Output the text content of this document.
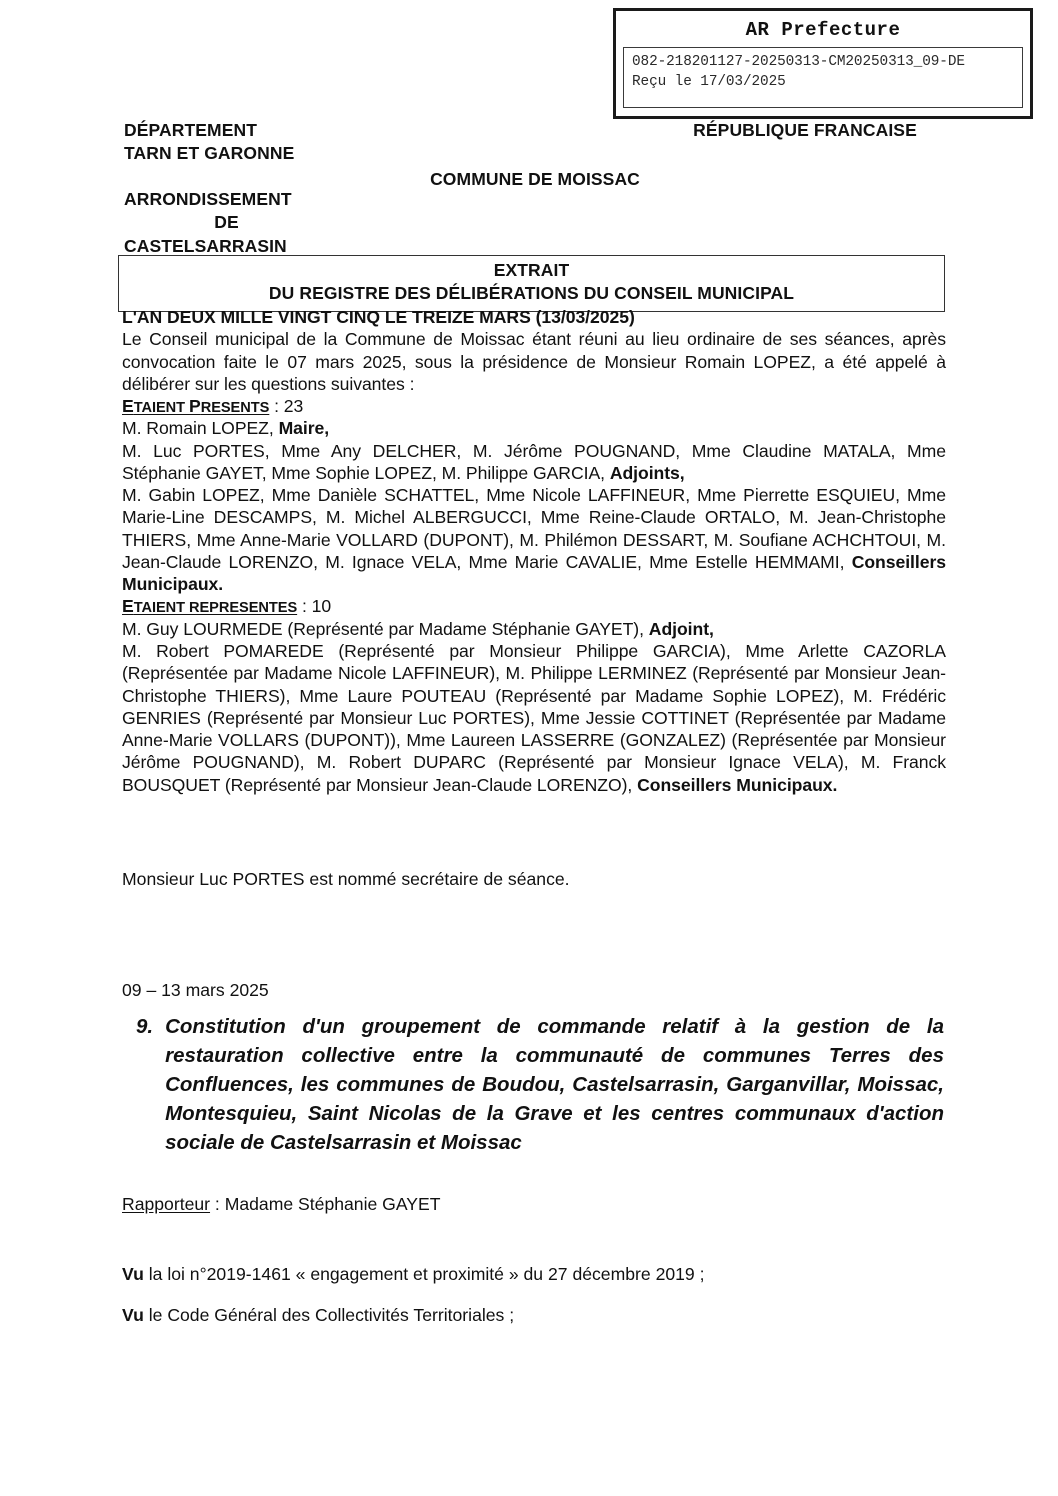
AR Prefecture
082-218201127-20250313-CM20250313_09-DE
Reçu le 17/03/2025
DÉPARTEMENT
TARN ET GARONNE
ARRONDISSEMENT
DE
CASTELSARRASIN
RÉPUBLIQUE FRANCAISE
COMMUNE DE MOISSAC
EXTRAIT
DU REGISTRE DES DÉLIBÉRATIONS DU CONSEIL MUNICIPAL
L'AN DEUX MILLE VINGT CINQ LE TREIZE MARS (13/03/2025)
Le Conseil municipal de la Commune de Moissac étant réuni au lieu ordinaire de ses séances, après convocation faite le 07 mars 2025, sous la présidence de Monsieur Romain LOPEZ, a été appelé à délibérer sur les questions suivantes :
ETAIENT PRESENTS : 23
M. Romain LOPEZ, Maire,
M. Luc PORTES, Mme Any DELCHER, M. Jérôme POUGNAND, Mme Claudine MATALA, Mme Stéphanie GAYET, Mme Sophie LOPEZ, M. Philippe GARCIA, Adjoints,
M. Gabin LOPEZ, Mme Danièle SCHATTEL, Mme Nicole LAFFINEUR, Mme Pierrette ESQUIEU, Mme Marie-Line DESCAMPS, M. Michel ALBERGUCCI, Mme Reine-Claude ORTALO, M. Jean-Christophe THIERS, Mme Anne-Marie VOLLARD (DUPONT), M. Philémon DESSART, M. Soufiane ACHCHTOUI, M. Jean-Claude LORENZO, M. Ignace VELA, Mme Marie CAVALIE, Mme Estelle HEMMAMI, Conseillers Municipaux.
ETAIENT REPRESENTES : 10
M. Guy LOURMEDE (Représenté par Madame Stéphanie GAYET), Adjoint,
M. Robert POMAREDE (Représenté par Monsieur Philippe GARCIA), Mme Arlette CAZORLA (Représentée par Madame Nicole LAFFINEUR), M. Philippe LERMINEZ (Représenté par Monsieur Jean-Christophe THIERS), Mme Laure POUTEAU (Représenté par Madame Sophie LOPEZ), M. Frédéric GENRIES (Représenté par Monsieur Luc PORTES), Mme Jessie COTTINET (Représentée par Madame Anne-Marie VOLLARS (DUPONT)), Mme Laureen LASSERRE (GONZALEZ) (Représentée par Monsieur Jérôme POUGNAND), M. Robert DUPARC (Représenté par Monsieur Ignace VELA), M. Franck BOUSQUET (Représenté par Monsieur Jean-Claude LORENZO), Conseillers Municipaux.
Monsieur Luc PORTES est nommé secrétaire de séance.
09 – 13 mars 2025
9. Constitution d'un groupement de commande relatif à la gestion de la restauration collective entre la communauté de communes Terres des Confluences, les communes de Boudou, Castelsarrasin, Garganvillar, Moissac, Montesquieu, Saint Nicolas de la Grave et les centres communaux d'action sociale de Castelsarrasin et Moissac
Rapporteur : Madame Stéphanie GAYET
Vu la loi n°2019-1461 « engagement et proximité » du 27 décembre 2019 ;
Vu le Code Général des Collectivités Territoriales ;
